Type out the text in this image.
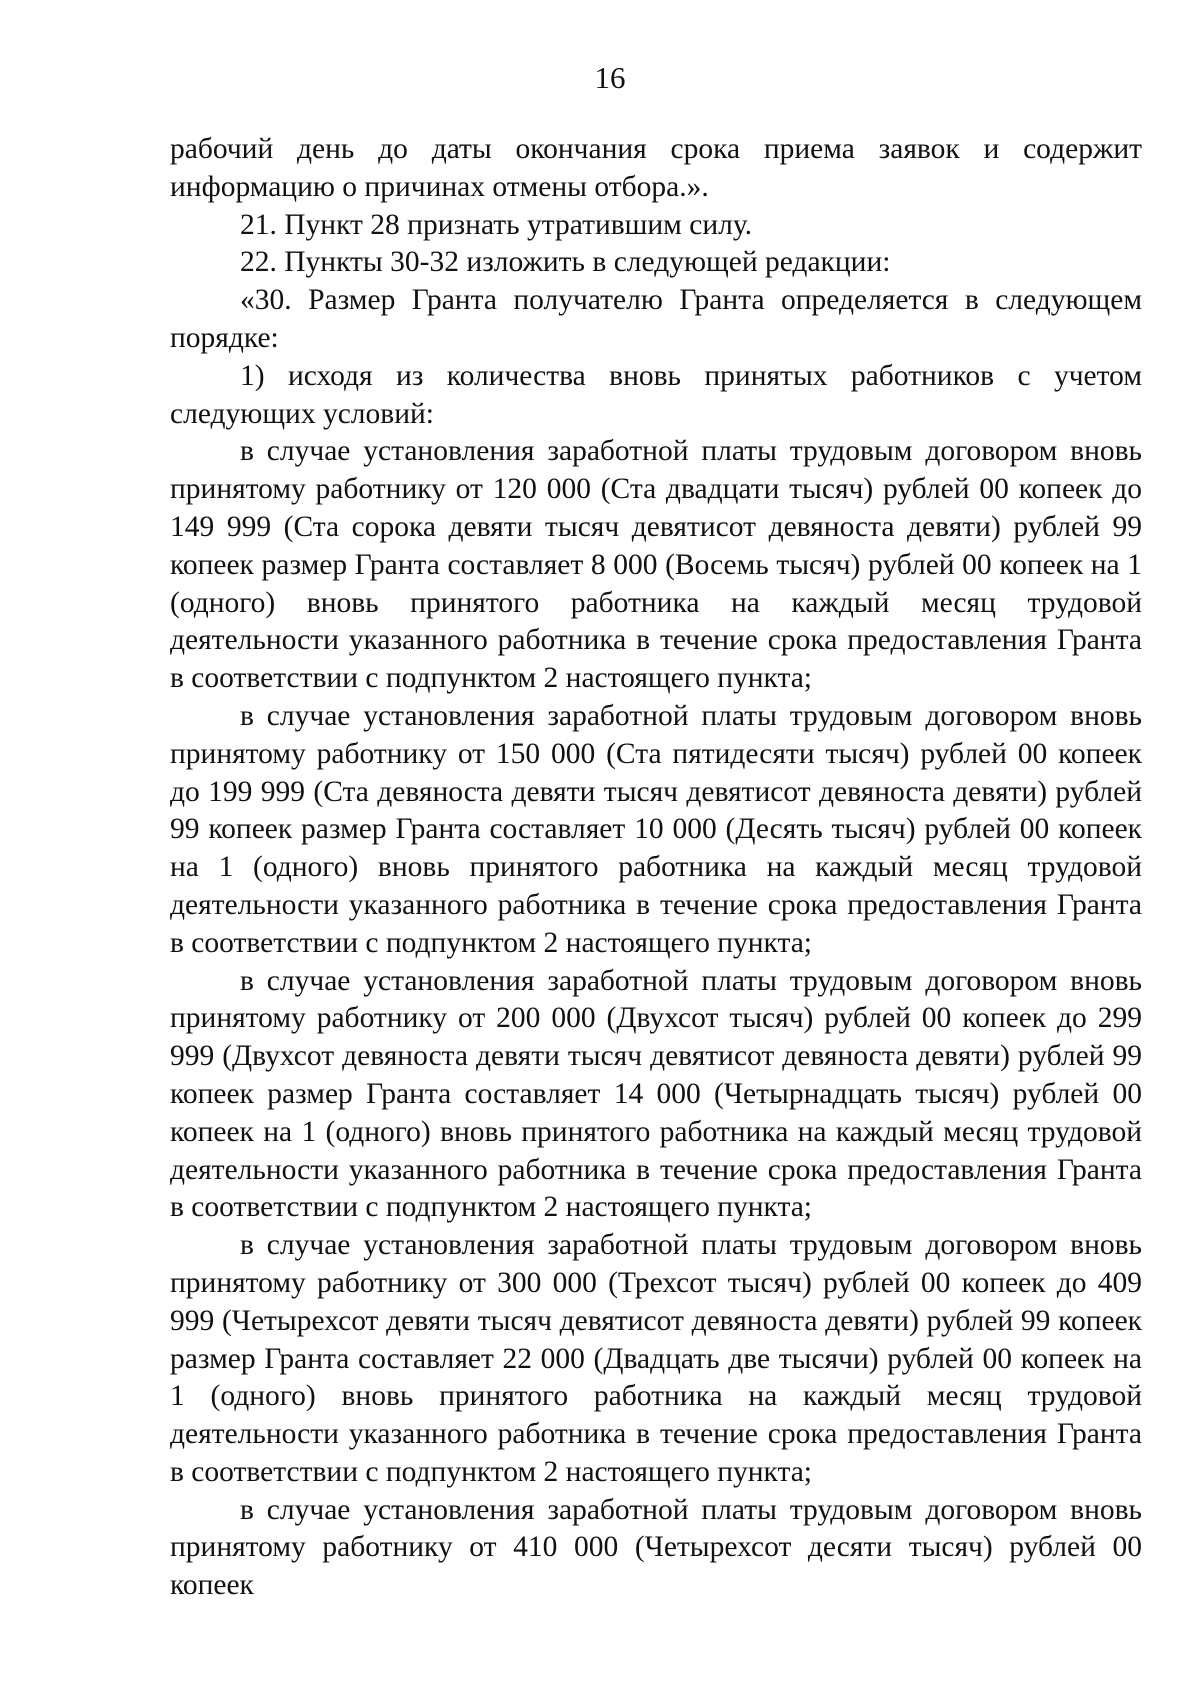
16

рабочий день до даты окончания срока приема заявок и содержит информацию о причинах отмены отбора.».

21. Пункт 28 признать утратившим силу.

22. Пункты 30-32 изложить в следующей редакции:

«30. Размер Гранта получателю Гранта определяется в следующем порядке:

1) исходя из количества вновь принятых работников с учетом следующих условий:

в случае установления заработной платы трудовым договором вновь принятому работнику от 120 000 (Ста двадцати тысяч) рублей 00 копеек до 149 999 (Ста сорока девяти тысяч девятисот девяноста девяти) рублей 99 копеек размер Гранта составляет 8 000 (Восемь тысяч) рублей 00 копеек на 1 (одного) вновь принятого работника на каждый месяц трудовой деятельности указанного работника в течение срока предоставления Гранта в соответствии с подпунктом 2 настоящего пункта;

в случае установления заработной платы трудовым договором вновь принятому работнику от 150 000 (Ста пятидесяти тысяч) рублей 00 копеек до 199 999 (Ста девяноста девяти тысяч девятисот девяноста девяти) рублей 99 копеек размер Гранта составляет 10 000 (Десять тысяч) рублей 00 копеек на 1 (одного) вновь принятого работника на каждый месяц трудовой деятельности указанного работника в течение срока предоставления Гранта в соответствии с подпунктом 2 настоящего пункта;

в случае установления заработной платы трудовым договором вновь принятому работнику от 200 000 (Двухсот тысяч) рублей 00 копеек до 299 999 (Двухсот девяноста девяти тысяч девятисот девяноста девяти) рублей 99 копеек размер Гранта составляет 14 000 (Четырнадцать тысяч) рублей 00 копеек на 1 (одного) вновь принятого работника на каждый месяц трудовой деятельности указанного работника в течение срока предоставления Гранта в соответствии с подпунктом 2 настоящего пункта;

в случае установления заработной платы трудовым договором вновь принятому работнику от 300 000 (Трехсот тысяч) рублей 00 копеек до 409 999 (Четырехсот девяти тысяч девятисот девяноста девяти) рублей 99 копеек размер Гранта составляет 22 000 (Двадцать две тысячи) рублей 00 копеек на 1 (одного) вновь принятого работника на каждый месяц трудовой деятельности указанного работника в течение срока предоставления Гранта в соответствии с подпунктом 2 настоящего пункта;

в случае установления заработной платы трудовым договором вновь принятому работнику от 410 000 (Четырехсот десяти тысяч) рублей 00 копеек
